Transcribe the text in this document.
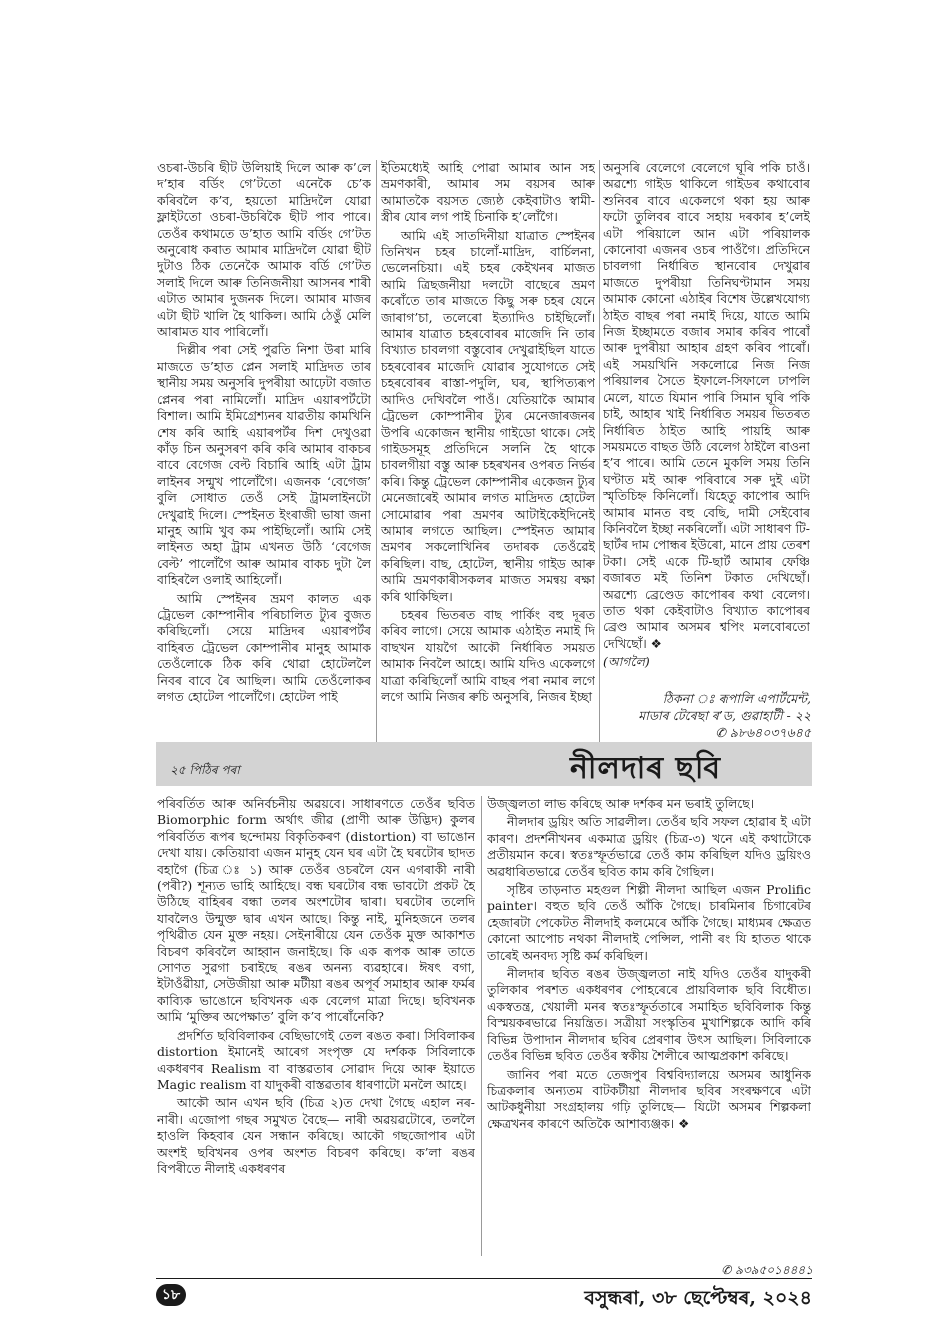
ওচৰা-উচৰি ছীট উলিয়াই দিলে আৰু ক’লে দ’হাৰ বৰ্ডিং গে’টতো এনেকৈ চে’ক কৰিবলৈ ক’ব, হয়তো মাদ্রিদলৈ যোৱা ফ্লাইটতো ওচৰা-উচৰিকৈ ছীট পাব পাৰে। তেওঁৰ কথামতে ড’হাত আমি বৰ্ডিং গে’টত অনুৰোধ কৰাত আমাৰ মাদ্রিদলৈ যোৱা ছীট দুটাও ঠিক তেনেকৈ আমাক বৰ্ডি গে’টত সলাই দিলে আৰু তিনিজনীয়া আসনৰ শাৰী এটাত আমাৰ দুজনক দিলে। আমাৰ মাজৰ এটা ছীট খালি হৈ থাকিল। আমি ঠেঙুঁ মেলি আৰামত যাব পাৰিলোঁ।

দিল্লীৰ পৰা সেই পুৱতি নিশা উৰা মাৰি মাজতে ড’হাত প্লেন সলাই মাদ্রিদত তাৰ স্থানীয় সময় অনুসৰি দুপৰীয়া আঢ়েটা বজাত প্লেনৰ পৰা নামিলোঁ। মাদ্রিদ এয়াৰপৰ্টটো বিশাল। আমি ইমিগ্রেশ্যনৰ যাৱতীয় কামখিনি শেষ কৰি আহি এয়াৰপৰ্টৰ দিশ দেখুওৱা কাঁড় চিন অনুসৰণ কৰি কৰি আমাৰ বাকচৰ বাবে বেগেজ বেল্ট বিচাৰি আহি এটা ট্রাম লাইনৰ সন্মুখ পালোঁগৈ। এজনক ‘বেগেজ’ বুলি সোধাত তেওঁ সেই ট্রামলাইনটো দেখুৱাই দিলে। স্পেইনত ইংৰাজী ভাষা জনা মানুহ আমি খুব কম পাইছিলোঁ। আমি সেই লাইনত অহা ট্রাম এখনত উঠি ‘বেগেজ বেল্ট’ পালোঁগৈ আৰু আমাৰ বাকচ দুটা লৈ বাহিৰলৈ ওলাই আহিলোঁ।

আমি স্পেইনৰ ভ্ৰমণ কালত এক ট্রেভেল কোম্পানীৰ পৰিচালিত ট্যুৰ বুজত কৰিছিলোঁ। সেয়ে মাদ্রিদৰ এয়াৰপৰ্টৰ বাহিৰত ট্রেভেল কোম্পানীৰ মানুহ আমাক তেওঁলোকে ঠিক কৰি থোৱা হোটেললৈ নিবৰ বাবে ৰৈ আছিল। আমি তেওঁলোকৰ লগত হোটেল পালোঁগৈ। হোটেল পাই

ইতিমধ্যেই আহি পোৱা আমাৰ আন সহ ভ্ৰমণকাৰী, আমাৰ সম বয়সৰ আৰু আমাতকৈ বয়সত জ্যেষ্ঠ কেইবাটাও স্বামী-স্ত্রীৰ যোৰ লগ পাই চিনাকি হ’লোঁগৈ।

আমি এই সাতদিনীয়া যাত্রাত স্পেইনৰ তিনিখন চহৰ চালোঁ-মাদ্রিদ, বাৰ্চিলনা, ভেলেনচিয়া। এই চহৰ কেইখনৰ মাজত আমি ত্রিছজনীয়া দলটো বাছেৰে ভ্ৰমণ কৰোঁতে তাৰ মাজতে কিছু সৰু চহৰ যেনে জাৰাগ’চা, তলেৰো ইত্যাদিও চাইছিলোঁ। আমাৰ যাত্রাত চহৰবোৰৰ মাজেদি নি তাৰ বিখ্যাত চাবলগা বস্তুবোৰ দেখুৱাইছিল যাতে চহৰবোৰৰ মাজেদি যোৱাৰ সুযোগতে সেই চহৰবোৰৰ ৰাস্তা-পদুলি, ঘৰ, স্থাপিত্যৰূপ আদিও দেখিবলৈ পাওঁ। যেতিয়াকৈ আমাৰ ট্রেভেল কোম্পানীৰ ট্যুৰ মেনেজাৰজনৰ উপৰি একোজন স্থানীয় গাইডো থাকে। সেই গাইডসমূহ প্রতিদিনে সলনি হৈ থাকে চাবলগীয়া বস্তু আৰু চহৰখনৰ ওপৰত নিৰ্ভৰ কৰি। কিন্তু ট্রেভেল কোম্পানীৰ একেজন ট্যুৰ মেনেজাৰেই আমাৰ লগত মাদ্রিদত হোটেল সোমোৱাৰ পৰা ভ্ৰমণৰ আটাইকেইদিনেই আমাৰ লগতে আছিল। স্পেইনত আমাৰ ভ্ৰমণৰ সকলোখিনিৰ তদাৰক তেওঁৱেই কৰিছিল। বাছ, হোটেল, স্থানীয় গাইড আৰু আমি ভ্ৰমণকাৰীসকলৰ মাজত সমন্বয় ৰক্ষা কৰি থাকিছিল।

চহৰৰ ভিতৰত বাছ পাৰ্কিং বহু দূৰত কৰিব লাগে। সেয়ে আমাক এঠাইত নমাই দি বাছখন যায়গৈ আকৌ নিৰ্ধাৰিত সময়ত আমাক নিবলৈ আহে। আমি যদিও একেলগে যাত্রা কৰিছিলোঁ আমি বাছৰ পৰা নমাৰ লগে লগে আমি নিজৰ ৰুচি অনুসৰি, নিজৰ ইচ্ছা

অনুসৰি বেলেগে বেলেগে ঘূৰি পকি চাওঁ। অৱশ্যে গাইড থাকিলে গাইডৰ কথাবোৰ শুনিবৰ বাবে একেলগে থকা হয় আৰু ফটো তুলিবৰ বাবে সহায় দৰকাৰ হ’লেই এটা পৰিয়ালে আন এটা পৰিয়ালক কোনোবা এজনৰ ওচৰ পাওঁগৈ। প্রতিদিনে চাবলগা নিৰ্ধাৰিত স্থানবোৰ দেখুৱাৰ মাজতে দুপৰীয়া তিনিঘণ্টামান সময় আমাক কোনো এঠাইৰ বিশেষ উল্লেখযোগ্য ঠাইত বাছৰ পৰা নমাই দিয়ে, যাতে আমি নিজ ইচ্ছামতে বজাৰ সমাৰ কৰিব পাৰোঁ আৰু দুপৰীয়া আহাৰ গ্ৰহণ কৰিব পাৰোঁ। এই সময়খিনি সকলোৱে নিজ নিজ পৰিয়ালৰ সৈতে ইফালে-সিফালে ঢাপলি মেলে, যাতে যিমান পাৰি সিমান ঘূৰি পকি চাই, আহাৰ খাই নিৰ্ধাৰিত সময়ৰ ভিতৰত নিৰ্ধাৰিত ঠাইত আহি পায়হি আৰু সময়মতে বাছত উঠি বেলেগ ঠাইলৈ ৰাওনা হ’ব পাৰে। আমি তেনে মুকলি সময় তিনি ঘণ্টাত মই আৰু পৰিবাৰে সৰু দুই এটা স্মৃতিচিহ্ন কিনিলোঁ। যিহেতু কাপোৰ আদি আমাৰ মানত বহু বেছি, দামী সেইবোৰ কিনিবলৈ ইচ্ছা নকৰিলোঁ। এটা সাধাৰণ টি-ছাৰ্টৰ দাম পোন্ধৰ ইউৰো, মানে প্রায় তেৰশ টকা। সেই একে টি-ছাৰ্ট আমাৰ ফেঞ্চি বজাৰত মই তিনিশ টকাত দেখিছোঁ। অৱশ্যে ব্রেণ্ডেড কাপোৰৰ কথা বেলেগ। তাত থকা কেইবাটাও বিখ্যাত কাপোৰৰ ব্রেণ্ড আমাৰ অসমৰ শ্বপিং মলবোৰতো দেখিছোঁ। ❖

(আগলৈ)

ঠিকনা ঃ ৰূপালি এপাৰ্টমেন্ট,
মাডাৰ টেৰেছা ৰ’ড, গুৱাহাটী - ২২
✆ ৯৮৬৪০৩৭৬৪৫
২৫ পিঠিৰ পৰা	নীলদাৰ ছবি

পৰিবৰ্তিত আৰু অনিৰ্বচনীয় অৱয়বে। সাধাৰণতে তেওঁৰ ছবিত Biomorphic form অৰ্থাৎ জীৱ (প্রাণী আৰু উদ্ভিদ) কুলৰ পৰিবৰ্তিত ৰূপৰ ছন্দোময় বিকৃতিকৰণ (distortion) বা ভাঙোন দেখা যায়। কেতিয়াবা এজন মানুহ যেন ঘৰ এটা হৈ ঘৰটোৰ ছাদত বহাগৈ (চিত্র ঃ ১) আৰু তেওঁৰ ওচৰলৈ যেন এগৰাকী নাৰী (পৰী?) শূন্যত ভাহি আহিছে। বন্ধ ঘৰটোৰ বন্ধ ভাবটো প্রকট হৈ উঠিছে বাহিৰৰ বন্ধা তলৰ অংশটোৰ দ্বাৰা। ঘৰটোৰ তলেদি যাবলৈও উন্মুক্ত দ্বাৰ এখন আছে। কিন্তু নাই, মুনিহজনে তলৰ পৃথিৱীত যেন মুক্ত নহয়। সেইনাৰীয়ে যেন তেওঁক মুক্ত আকাশত বিচৰণ কৰিবলৈ আহ্বান জনাইছে। কি এক ৰূপক আৰু তাতে সোণত সুৱগা চৰাইছে ৰঙৰ অনন্য ব্যৱহাৰে। ঈষৎ বগা, ইটাওঁৱীয়া, সেউজীয়া আৰু মটীয়া ৰঙৰ অপূৰ্ব সমাহাৰ আৰু ফৰ্মৰ কাব্যিক ভাঙোনে ছবিখনক এক বেলেগ মাত্রা দিছে। ছবিখনক আমি ‘মুক্তিৰ অপেক্ষাত’ বুলি ক’ব পাৰোঁনেকি?

প্রদৰ্শিত ছবিবিলাকৰ বেছিভাগেই তেল ৰঙত কৰা। সিবিলাকৰ distortion ইমানেই আৰেগ সংপৃক্ত যে দৰ্শকক সিবিলাকে একধৰণৰ Realism বা বাস্তৱতাৰ সোৱাদ দিয়ে আৰু ইয়াতে Magic realism বা যাদুকৰী বাস্তৱতাৰ ধাৰণাটো মনলৈ আহে।

আকৌ আন এখন ছবি (চিত্র ২)ত দেখা গৈছে এহাল নৰ-নাৰী। এজোপা গছৰ সমুখত বৈছে— নাৰী অৱয়ৱটোৰে, তললৈ হাওলি কিহবাৰ যেন সন্ধান কৰিছে। আকৌ গছজোপাৰ এটা অংশই ছবিখনৰ ওপৰ অংশত বিচৰণ কৰিছে। ক’লা ৰঙৰ বিপৰীতে নীলাই একধৰণৰ

উজ্জ্বলতা লাভ কৰিছে আৰু দৰ্শকৰ মন ভৰাই তুলিছে।

নীলদাৰ ড্রয়িং অতি সাৱলীল। তেওঁৰ ছবি সফল হোৱাৰ ই এটা কাৰণ। প্রদৰ্শনীখনৰ একমাত্র ড্রয়িং (চিত্র-৩) খনে এই কথাটোকে প্রতীয়মান কৰে। স্বতঃস্ফূৰ্তভাৱে তেওঁ কাম কৰিছিল যদিও ড্রয়িংও অৱধাৰিতভাৱে তেওঁৰ ছবিত কাম কৰি গৈছিল।

সৃষ্টিৰ তাড়নাত মহগুল শিল্পী নীলদা আছিল এজন Prolific painter। বহুত ছবি তেওঁ আঁকি গৈছে। চাৰমিনাৰ চিগাৰেটৰ হেজাৰটা পেকেটত নীলদাই কলমেৰে আঁকি গৈছে। মাধ্যমৰ ক্ষেত্রত কোনো আপোচ নথকা নীলদাই পেন্সিল, পানী ৰং যি হাতত থাকে তাৰেই অনবদ্য সৃষ্টি কৰ্ম কৰিছিল।

নীলদাৰ ছবিত ৰঙৰ উজ্জ্বলতা নাই যদিও তেওঁৰ যাদুকৰী তুলিকাৰ পৰশত একধৰণৰ পোহৰেৰে প্রায়বিলাক ছবি বিধৌত। একস্বতন্ত্র, খেয়ালী মনৰ স্বতঃস্ফূৰ্ততাৰে সমাহিত ছবিবিলাক কিন্তু বিস্ময়কৰভাৱে নিয়ন্ত্রিত। সত্রীয়া সংস্কৃতিৰ মুখাশিল্পকে আদি কৰি বিভিন্ন উপাদান নীলদাৰ ছবিৰ প্রেৰণাৰ উৎস আছিল। সিবিলাকে তেওঁৰ বিভিন্ন ছবিত তেওঁৰ স্বকীয় শৈলীৰে আত্মপ্রকাশ কৰিছে।

জানিব পৰা মতে তেজপুৰ বিশ্ববিদ্যালয়ে অসমৰ আধুনিক চিত্রকলাৰ অন্যতম বাটকটীয়া নীলদাৰ ছবিৰ সংৰক্ষণৰে এটা আটকধুনীয়া সংগ্ৰহালয় গঢ়ি তুলিছে— যিটো অসমৰ শিল্পকলা ক্ষেত্ৰখনৰ কাৰণে অতিকৈ আশাব্যঞ্জক। ❖

✆ ৯৩৯৫০১৪৪৪১
১৮	বসুন্ধৰা, ৩৮ ছেপ্টেম্বৰ, ২০২৪
